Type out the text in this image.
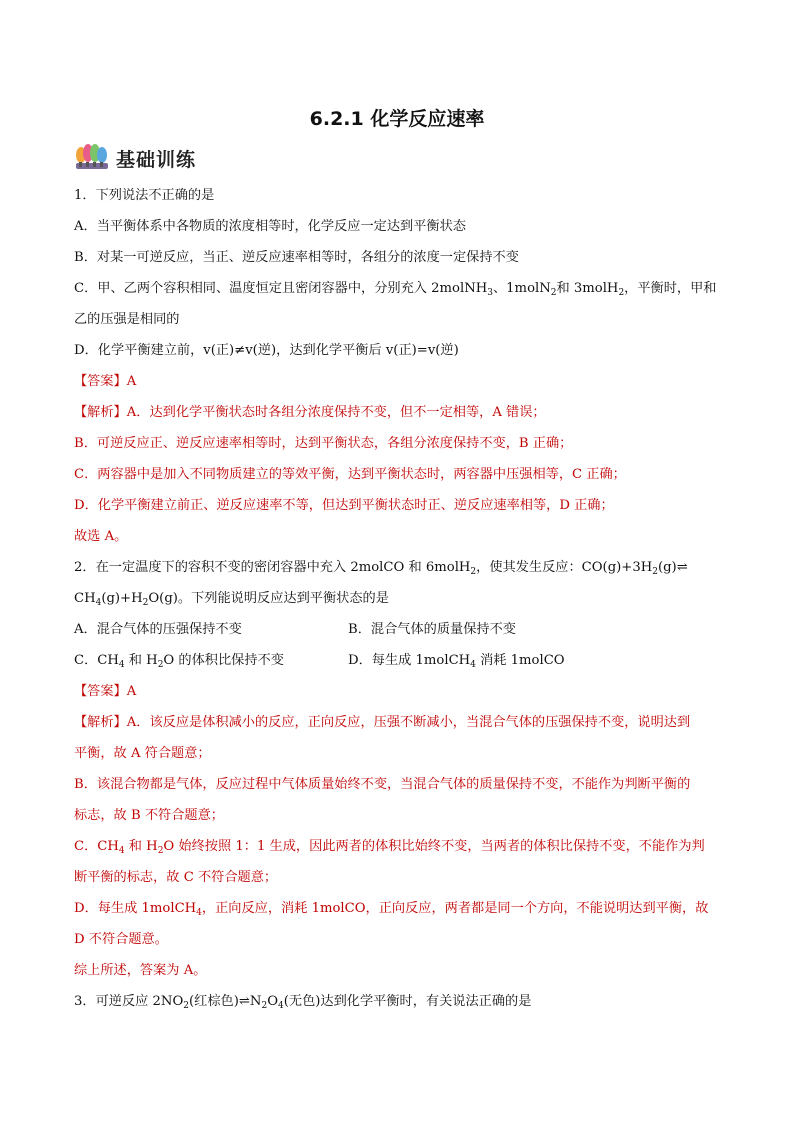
6.2.1 化学反应速率
基础训练
1．下列说法不正确的是
A．当平衡体系中各物质的浓度相等时，化学反应一定达到平衡状态
B．对某一可逆反应，当正、逆反应速率相等时，各组分的浓度一定保持不变
C．甲、乙两个容积相同、温度恒定且密闭容器中，分别充入 2molNH$_3$、1molN$_2$和 3molH$_2$，平衡时，甲和
乙的压强是相同的
D．化学平衡建立前，v(正)≠v(逆)，达到化学平衡后 v(正)=v(逆)
【答案】A
【解析】A．达到化学平衡状态时各组分浓度保持不变，但不一定相等，A 错误；
B．可逆反应正、逆反应速率相等时，达到平衡状态，各组分浓度保持不变，B 正确；
C．两容器中是加入不同物质建立的等效平衡，达到平衡状态时，两容器中压强相等，C 正确；
D．化学平衡建立前正、逆反应速率不等，但达到平衡状态时正、逆反应速率相等，D 正确；
故选 A。
2．在一定温度下的容积不变的密闭容器中充入 2molCO 和 6molH$_2$，使其发生反应：$CO(g)+3H_2(g)\rightleftharpoons$
$CH_4(g)+H_2O(g)$。下列能说明反应达到平衡状态的是
A．混合气体的压强保持不变	B．混合气体的质量保持不变
C．$CH_4$ 和 $H_2O$ 的体积比保持不变	D．每生成 1molCH$_4$ 消耗 1molCO
【答案】A
【解析】A．该反应是体积减小的反应，正向反应，压强不断减小，当混合气体的压强保持不变，说明达到
平衡，故 A 符合题意；
B．该混合物都是气体，反应过程中气体质量始终不变，当混合气体的质量保持不变，不能作为判断平衡的
标志，故 B 不符合题意；
C．$CH_4$ 和 $H_2O$ 始终按照 1：1 生成，因此两者的体积比始终不变，当两者的体积比保持不变，不能作为判
断平衡的标志，故 C 不符合题意；
D．每生成 1molCH$_4$，正向反应，消耗 1molCO，正向反应，两者都是同一个方向，不能说明达到平衡，故
D 不符合题意。
综上所述，答案为 A。
3．可逆反应 $2NO_2$(红棕色)$\rightleftharpoons N_2O_4$(无色)达到化学平衡时，有关说法正确的是
